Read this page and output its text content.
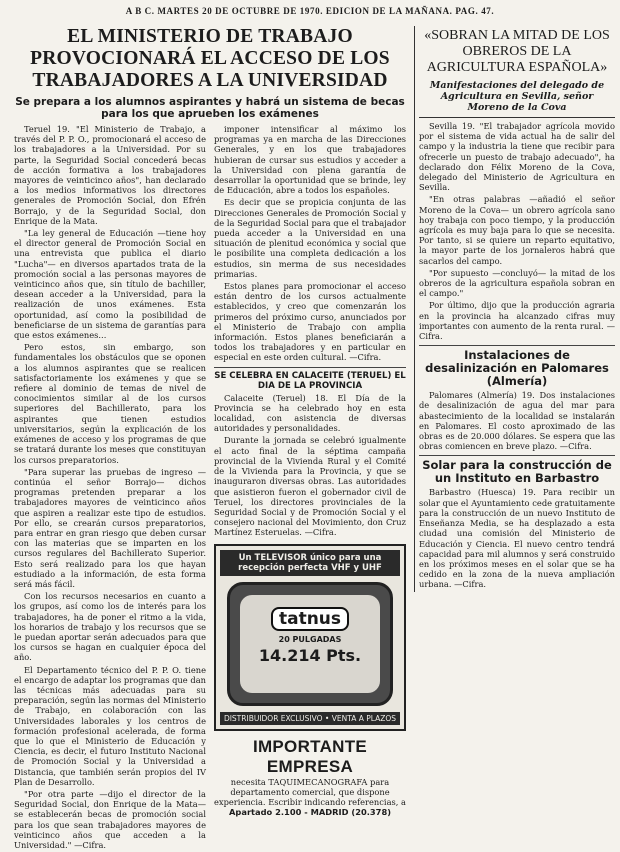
A B C. MARTES 20 DE OCTUBRE DE 1970. EDICION DE LA MAÑANA. PAG. 47.
EL MINISTERIO DE TRABAJO PROVOCIONARÁ EL ACCESO DE LOS TRABAJADORES A LA UNIVERSIDAD
Se prepara a los alumnos aspirantes y habrá un sistema de becas para los que aprueben los exámenes

Teruel 19. "El Ministerio de Trabajo, a través del P. P. O., promocionará el acceso de los trabajadores a la Universidad. Por su parte, la Seguridad Social concederá becas de acción formativa a los trabajadores mayores de veinticinco años", han declarado a los medios informativos los directores generales de Promoción Social, don Efrén Borrajo, y de la Seguridad Social, don Enrique de la Mata.

"La ley general de Educación —tiene hoy el director general de Promoción Social en una entrevista que publica el diario "Lucha"— en diversos apartados trata de la promoción social a las personas mayores de veinticinco años que, sin título de bachiller, desean acceder a la Universidad, para la realización de unos exámenes. Esta oportunidad, así como la posibilidad de beneficiarse de un sistema de garantías para que estos exámenes...

Pero estos, sin embargo, son fundamentales los obstáculos que se oponen a los alumnos aspirantes que se realicen satisfactoriamente los exámenes y que se refiere al dominio de temas de nivel de conocimientos similar al de los cursos superiores del Bachillerato, para los aspirantes que tienen estudios universitarios, según la explicación de los exámenes de acceso y los programas de que se tratará durante los meses que constituyan los cursos preparatorios.

"Para superar las pruebas de ingreso —continúa el señor Borrajo— dichos programas pretenden preparar a los trabajadores mayores de veinticinco años que aspiren a realizar este tipo de estudios. Por ello, se crearán cursos preparatorios, para entrar en gran riesgo que deben cursar con las materias que se imparten en los cursos regulares del Bachillerato Superior. Esto será realizado para los que hayan estudiado a la información, de esta forma será más fácil.

Con los recursos necesarios en cuanto a los grupos, así como los de interés para los trabajadores, ha de poner el ritmo a la vida, los horarios de trabajo y los recursos que se le puedan aportar serán adecuados para que los cursos se hagan en cualquier época del año.

El Departamento técnico del P. P. O. tiene el encargo de adaptar los programas que dan las técnicas más adecuadas para su preparación, según las normas del Ministerio de Trabajo, en colaboración con las Universidades laborales y los centros de formación profesional acelerada, de forma que lo que el Ministerio de Educación y Ciencia, es decir, el futuro Instituto Nacional de Promoción Social y la Universidad a Distancia, que también serán propios del IV Plan de Desarrollo.

"Por otra parte —dijo el director de la Seguridad Social, don Enrique de la Mata— se establecerán becas de promoción social para los que sean trabajadores mayores de veinticinco años que acceden a la Universidad." —Cifra.

imponer intensificar al máximo los programas ya en marcha de las Direcciones Generales, y en los que trabajadores hubieran de cursar sus estudios y acceder a la Universidad con plena garantía de desarrollar la oportunidad que se brinde, ley de Educación, abre a todos los españoles.

Es decir que se propicia conjunta de las Direcciones Generales de Promoción Social y de la Seguridad Social para que el trabajador pueda acceder a la Universidad en una situación de plenitud económica y social que le posibilite una completa dedicación a los estudios, sin merma de sus necesidades primarias.

Estos planes para promocionar el acceso están dentro de los cursos actualmente establecidos, y creo que comenzarán los primeros del próximo curso, anunciados por el Ministerio de Trabajo con amplia información. Estos planes beneficiarán a todos los trabajadores y en particular en especial en este orden cultural. —Cifra.

SE CELEBRA EN CALACEITE (TERUEL) EL DIA DE LA PROVINCIA

Calaceite (Teruel) 18. El Día de la Provincia se ha celebrado hoy en esta localidad, con asistencia de diversas autoridades y personalidades.

Durante la jornada se celebró igualmente el acto final de la séptima campaña provincial de la Vivienda Rural y el Comité de la Vivienda para la Provincia, y que se inauguraron diversas obras. Las autoridades que asistieron fueron el gobernador civil de Teruel, los directores provinciales de la Seguridad Social y de Promoción Social y el consejero nacional del Movimiento, don Cruz Martínez Esteruelas. —Cifra.

Un TELEVISOR único para una recepción perfecta VHF y UHF
tatnus
20 PULGADAS
14.214 Pts.
DISTRIBUIDOR EXCLUSIVO • VENTA A PLAZOS
IMPORTANTE EMPRESA
necesita TAQUIMECANOGRAFA para departamento comercial, que dispone experiencia. Escribir indicando referencias, a
Apartado 2.100 - MADRID (20.378)
«SOBRAN LA MITAD DE LOS OBREROS DE LA AGRICULTURA ESPAÑOLA»
Manifestaciones del delegado de Agricultura en Sevilla, señor Moreno de la Cova

Sevilla 19. "El trabajador agrícola movido por el sistema de vida actual ha de salir del campo y la industria la tiene que recibir para ofrecerle un puesto de trabajo adecuado", ha declarado don Félix Moreno de la Cova, delegado del Ministerio de Agricultura en Sevilla.

"En otras palabras —añadió el señor Moreno de la Cova— un obrero agrícola sano hoy trabaja con poco tiempo, y la producción agrícola es muy baja para lo que se necesita. Por tanto, si se quiere un reparto equitativo, la mayor parte de los jornaleros habrá que sacarlos del campo.

"Por supuesto —concluyó— la mitad de los obreros de la agricultura española sobran en el campo."

Por último, dijo que la producción agraria en la provincia ha alcanzado cifras muy importantes con aumento de la renta rural. —Cifra.

Instalaciones de desalinización en Palomares (Almería)

Palomares (Almería) 19. Dos instalaciones de desalinización de agua del mar para abastecimiento de la localidad se instalarán en Palomares. El costo aproximado de las obras es de 20.000 dólares. Se espera que las obras comiencen en breve plazo. —Cifra.

Solar para la construcción de un Instituto en Barbastro

Barbastro (Huesca) 19. Para recibir un solar que el Ayuntamiento cede gratuitamente para la construcción de un nuevo Instituto de Enseñanza Media, se ha desplazado a esta ciudad una comisión del Ministerio de Educación y Ciencia. El nuevo centro tendrá capacidad para mil alumnos y será construido en los próximos meses en el solar que se ha cedido en la zona de la nueva ampliación urbana. —Cifra.
